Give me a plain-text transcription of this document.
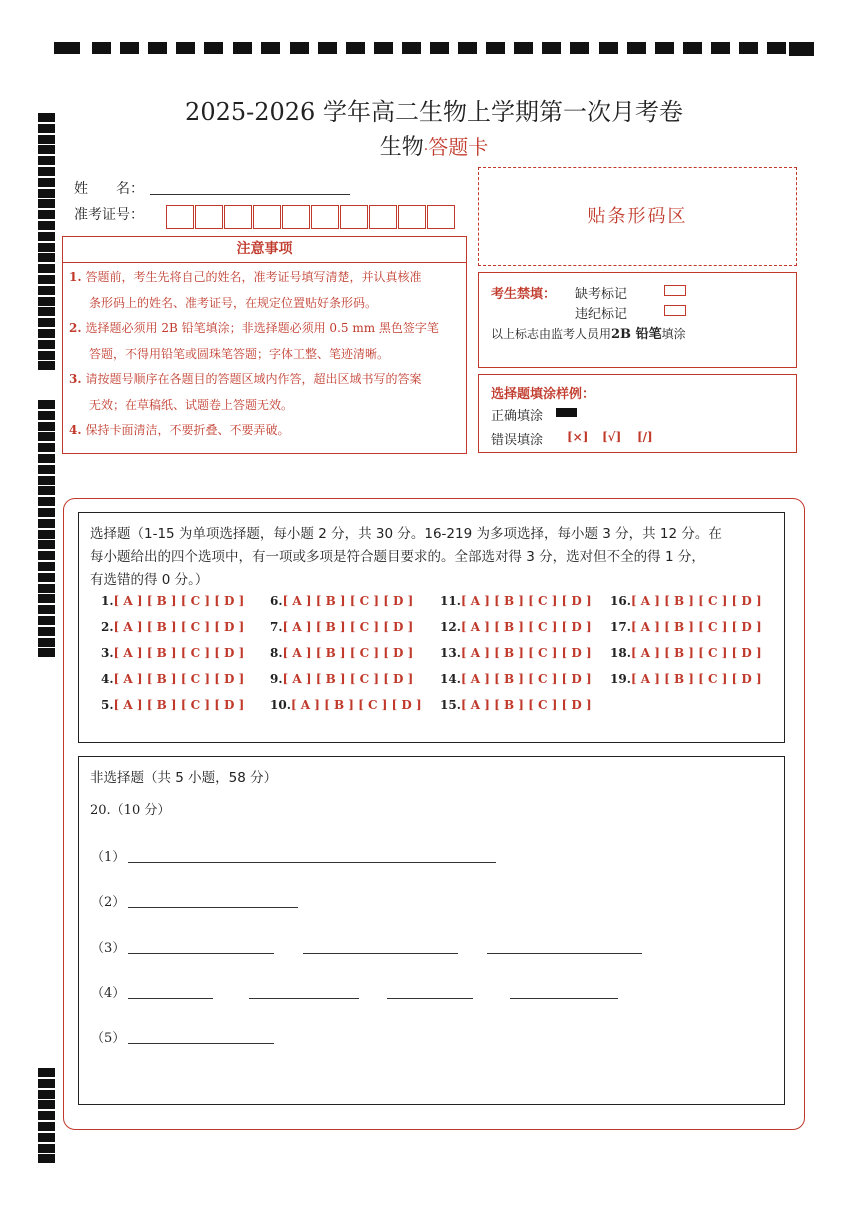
2025-2026 学年高二生物上学期第一次月考卷
生物·答题卡
姓　　名：
准考证号：	贴条形码区
注意事项

1. 答题前，考生先将自己的姓名，准考证号填写清楚，并认真核准

条形码上的姓名、准考证号，在规定位置贴好条形码。

2. 选择题必须用 2B 铅笔填涂；非选择题必须用 0.5 mm 黑色签字笔

答题，不得用铅笔或圆珠笔答题；字体工整、笔迹清晰。

3. 请按题号顺序在各题目的答题区域内作答，超出区域书写的答案

无效；在草稿纸、试题卷上答题无效。

4. 保持卡面清洁，不要折叠、不要弄破。

考生禁填： 缺考标记
违纪标记
以上标志由监考人员用2B 铅笔填涂
选择题填涂样例：
正确填涂
错误填涂 [×] [√] [/]
选择题（1-15 为单项选择题，每小题 2 分，共 30 分。16-219 为多项选择，每小题 3 分，共 12 分。在
每小题给出的四个选项中，有一项或多项是符合题目要求的。全部选对得 3 分，选对但不全的得 1 分，
有选错的得 0 分。）
1.[ A ] [ B ] [ C ] [ D ]
2.[ A ] [ B ] [ C ] [ D ]
3.[ A ] [ B ] [ C ] [ D ]
4.[ A ] [ B ] [ C ] [ D ]
5.[ A ] [ B ] [ C ] [ D ]
6.[ A ] [ B ] [ C ] [ D ]
7.[ A ] [ B ] [ C ] [ D ]
8.[ A ] [ B ] [ C ] [ D ]
9.[ A ] [ B ] [ C ] [ D ]
10.[ A ] [ B ] [ C ] [ D ]
11.[ A ] [ B ] [ C ] [ D ]
12.[ A ] [ B ] [ C ] [ D ]
13.[ A ] [ B ] [ C ] [ D ]
14.[ A ] [ B ] [ C ] [ D ]
15.[ A ] [ B ] [ C ] [ D ]
16.[ A ] [ B ] [ C ] [ D ]
17.[ A ] [ B ] [ C ] [ D ]
18.[ A ] [ B ] [ C ] [ D ]
19.[ A ] [ B ] [ C ] [ D ]
非选择题（共 5 小题，58 分）
20.（10 分）
（1）
（2）
（3）
（4）
（5）
